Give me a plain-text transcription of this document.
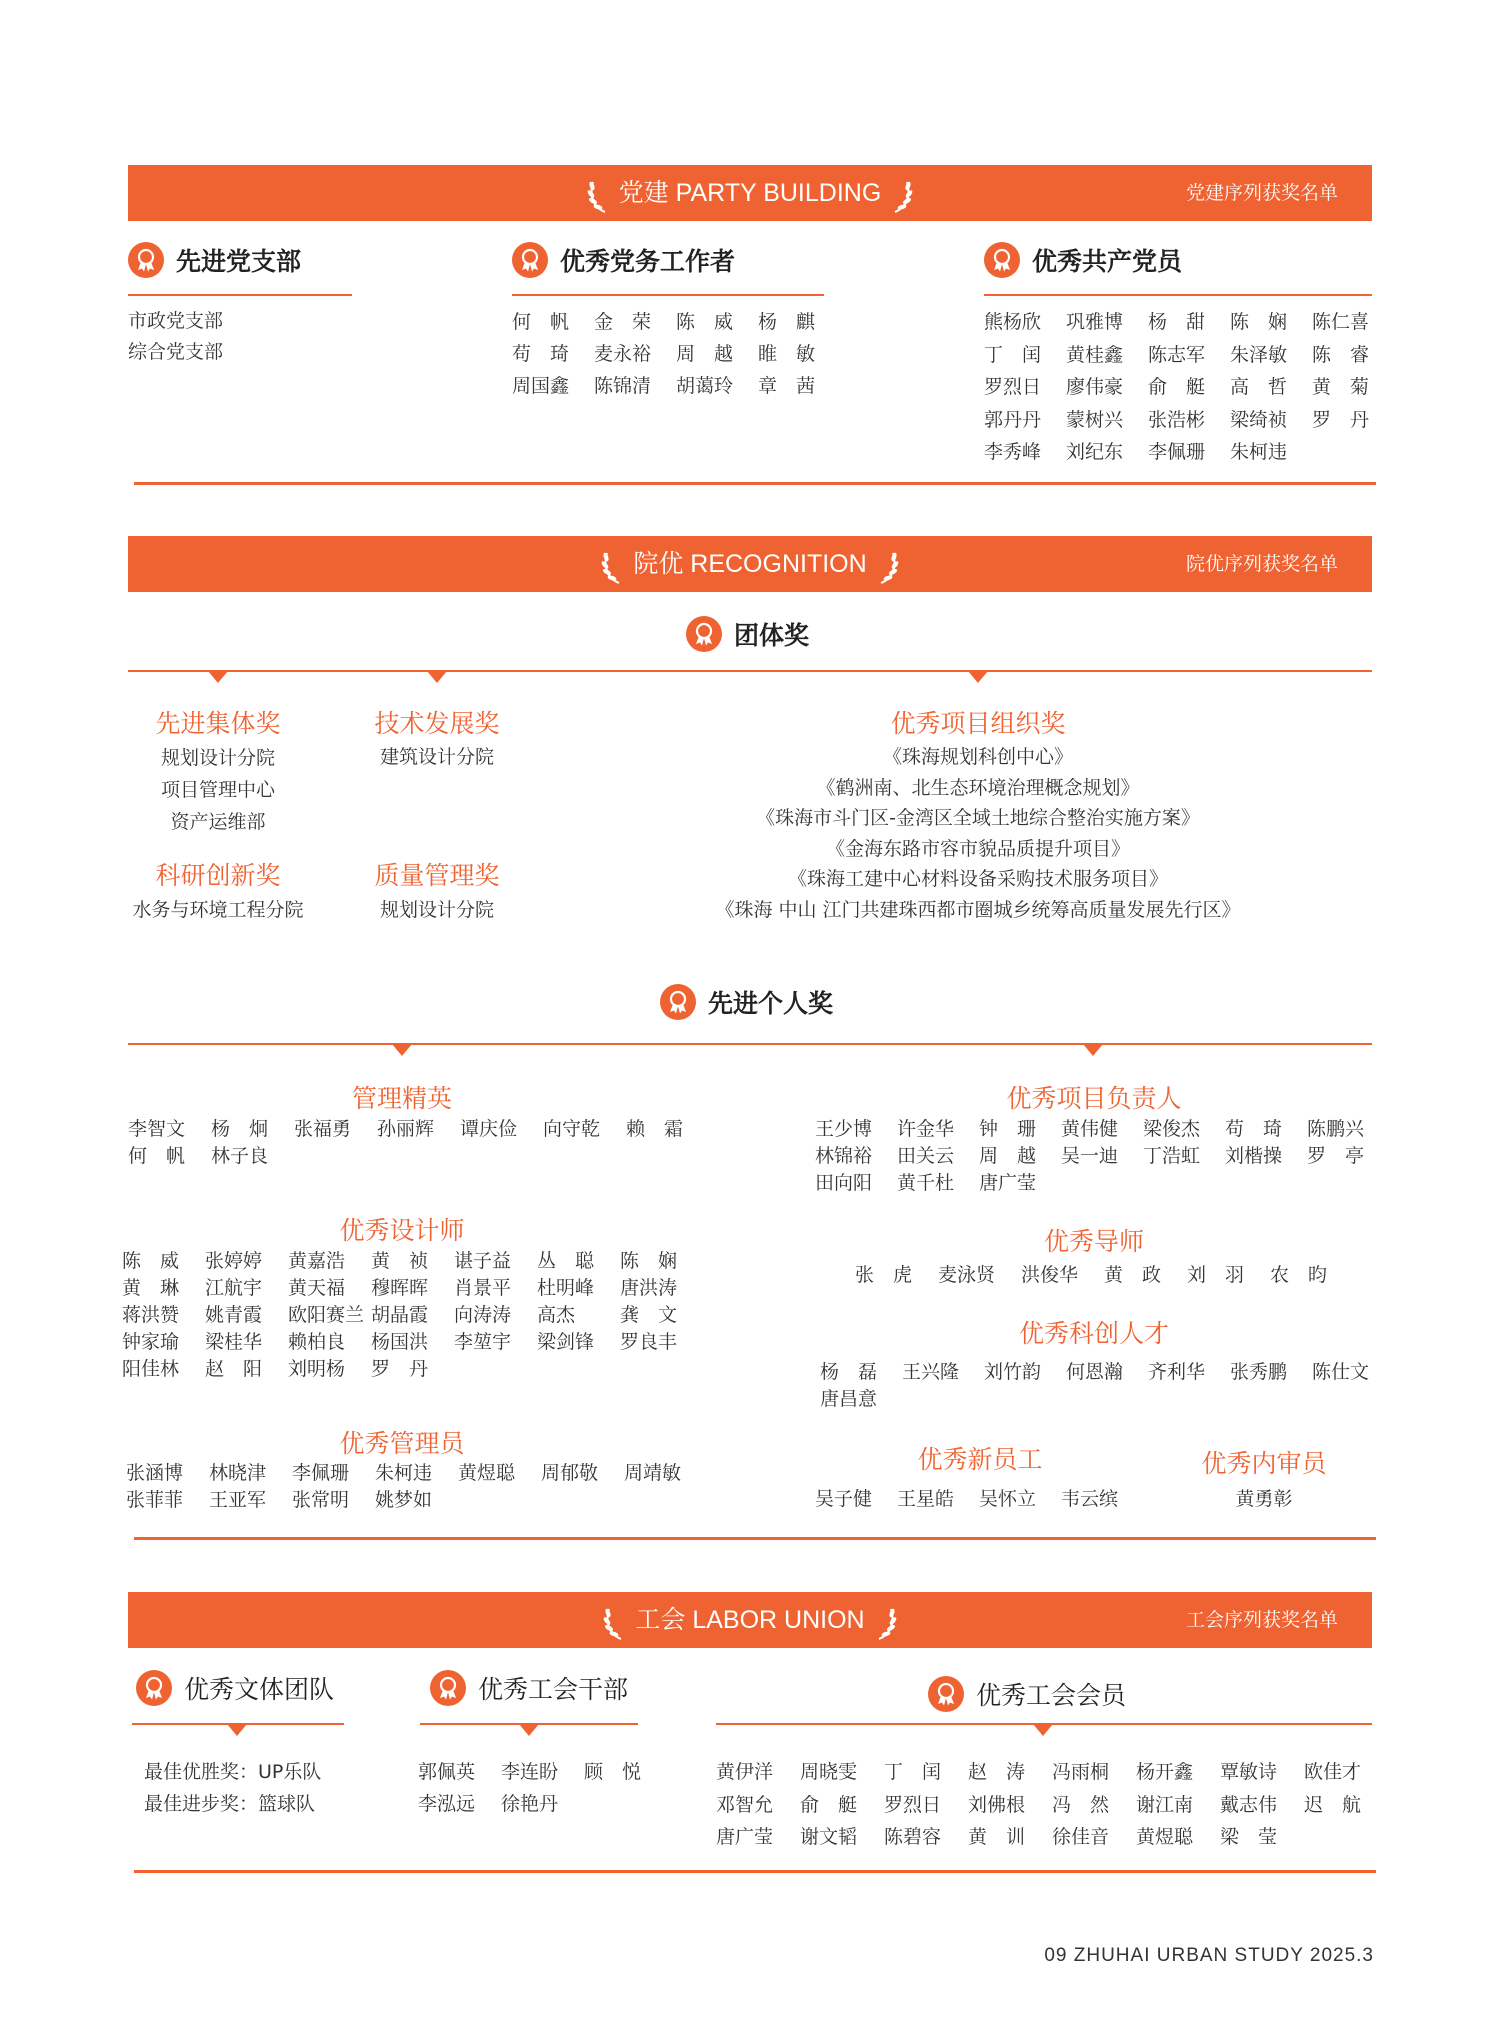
党建 PARTY BUILDING	党建序列获奖名单
先进党支部
市政党支部
综合党支部
优秀党务工作者
何　帆	金　荣	陈　威	杨　麒
苟　琦	麦永裕	周　越	睢　敏
周国鑫	陈锦清	胡蔼玲	章　茜
优秀共产党员
熊杨欣	巩雅博	杨　甜	陈　娴	陈仁喜
丁　闰	黄桂鑫	陈志军	朱泽敏	陈　睿
罗烈日	廖伟豪	俞　艇	高　哲	黄　菊
郭丹丹	蒙树兴	张浩彬	梁绮祯	罗　丹
李秀峰	刘纪东	李佩珊	朱柯违
院优 RECOGNITION	院优序列获奖名单
团体奖
先进集体奖
规划设计分院
项目管理中心
资产运维部
技术发展奖
建筑设计分院
科研创新奖
水务与环境工程分院
质量管理奖
规划设计分院
优秀项目组织奖
《珠海规划科创中心》
《鹤洲南、北生态环境治理概念规划》
《珠海市斗门区-金湾区全域土地综合整治实施方案》
《金海东路市容市貌品质提升项目》
《珠海工建中心材料设备采购技术服务项目》
《珠海 中山 江门共建珠西都市圈城乡统筹高质量发展先行区》
先进个人奖
管理精英
李智文	杨　炯	张福勇	孙丽辉	谭庆俭	向守乾	赖　霜
何　帆	林子良
优秀设计师
陈　威	张婷婷	黄嘉浩	黄　祯	谌子益	丛　聪	陈　娴
黄　琳	江航宇	黄天福	穆晖晖	肖景平	杜明峰	唐洪涛
蒋洪赞	姚青霞	欧阳赛兰 胡晶霞	向涛涛	高杰	龚　文
钟家瑜	梁桂华	赖柏良	杨国洪	李堃宇	梁剑锋	罗良丰
阳佳林	赵　阳	刘明杨	罗　丹
优秀管理员
张涵博	林晓津	李佩珊	朱柯违	黄煜聪	周郁敬	周靖敏
张菲菲	王亚军	张常明	姚梦如
优秀项目负责人
王少博	许金华	钟　珊	黄伟健	梁俊杰	苟　琦	陈鹏兴
林锦裕	田关云	周　越	吴一迪	丁浩虹	刘楷操	罗　亭
田向阳	黄千杜	唐广莹
优秀导师
张　虎	麦泳贤	洪俊华	黄　政	刘　羽	农　昀
优秀科创人才
杨　磊	王兴隆	刘竹韵	何恩瀚	齐利华	张秀鹏	陈仕文
唐昌意
优秀新员工
吴子健	王星皓	吴怀立	韦云缤
优秀内审员
黄勇彰
工会 LABOR UNION	工会序列获奖名单
优秀文体团队
最佳优胜奖：UP乐队
最佳进步奖：篮球队
优秀工会干部
郭佩英	李连盼	顾　悦
李泓远	徐艳丹
优秀工会会员
黄伊洋	周晓雯	丁　闰	赵　涛	冯雨桐	杨开鑫	覃敏诗	欧佳才
邓智允	俞　艇	罗烈日	刘佛根	冯　然	谢江南	戴志伟	迟　航
唐广莹	谢文韬	陈碧容	黄　训	徐佳音	黄煜聪	梁　莹
09 ZHUHAI URBAN STUDY 2025.3
